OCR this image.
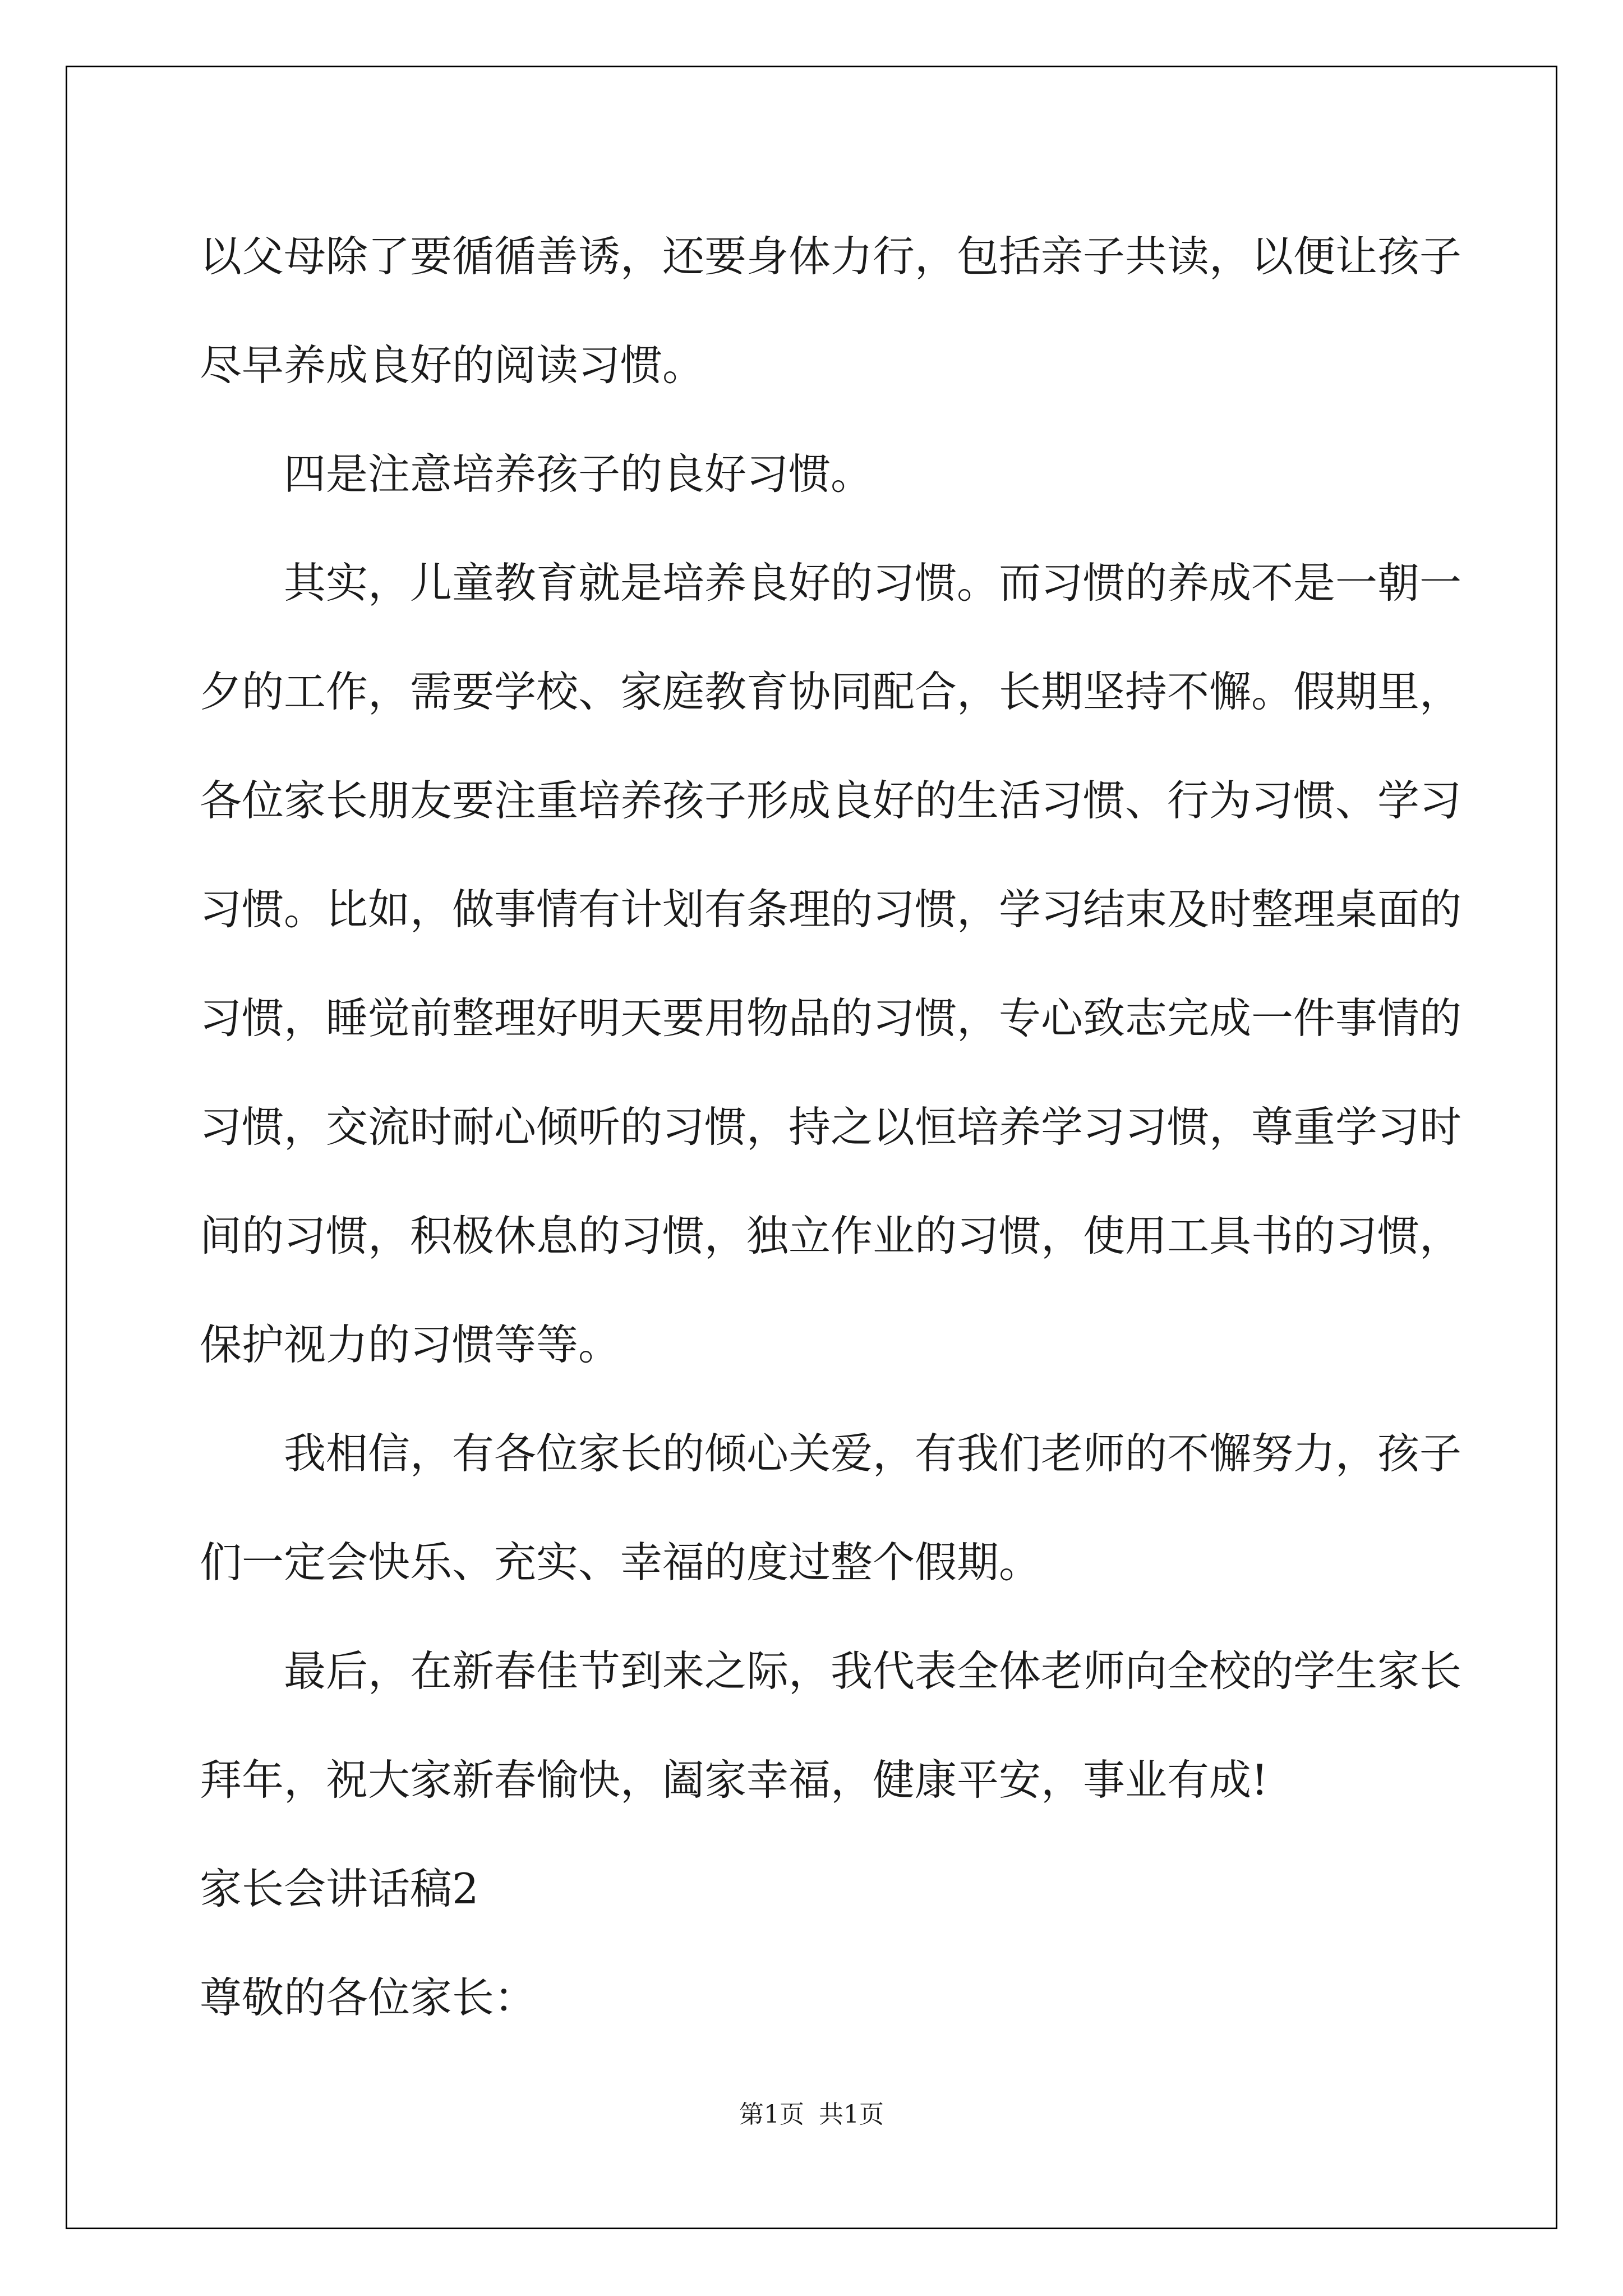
以父母除了要循循善诱，还要身体力行，包括亲子共读，以便让孩子
尽早养成良好的阅读习惯。

四是注意培养孩子的良好习惯。

其实，儿童教育就是培养良好的习惯。而习惯的养成不是一朝一
夕的工作，需要学校、家庭教育协同配合，长期坚持不懈。假期里，
各位家长朋友要注重培养孩子形成良好的生活习惯、行为习惯、学习
习惯。比如，做事情有计划有条理的习惯，学习结束及时整理桌面的
习惯，睡觉前整理好明天要用物品的习惯，专心致志完成一件事情的
习惯，交流时耐心倾听的习惯，持之以恒培养学习习惯，尊重学习时
间的习惯，积极休息的习惯，独立作业的习惯，使用工具书的习惯，
保护视力的习惯等等。

我相信，有各位家长的倾心关爱，有我们老师的不懈努力，孩子
们一定会快乐、充实、幸福的度过整个假期。

最后，在新春佳节到来之际，我代表全体老师向全校的学生家长
拜年，祝大家新春愉快，阖家幸福，健康平安，事业有成!

家长会讲话稿2

尊敬的各位家长：

第1页 共1页
